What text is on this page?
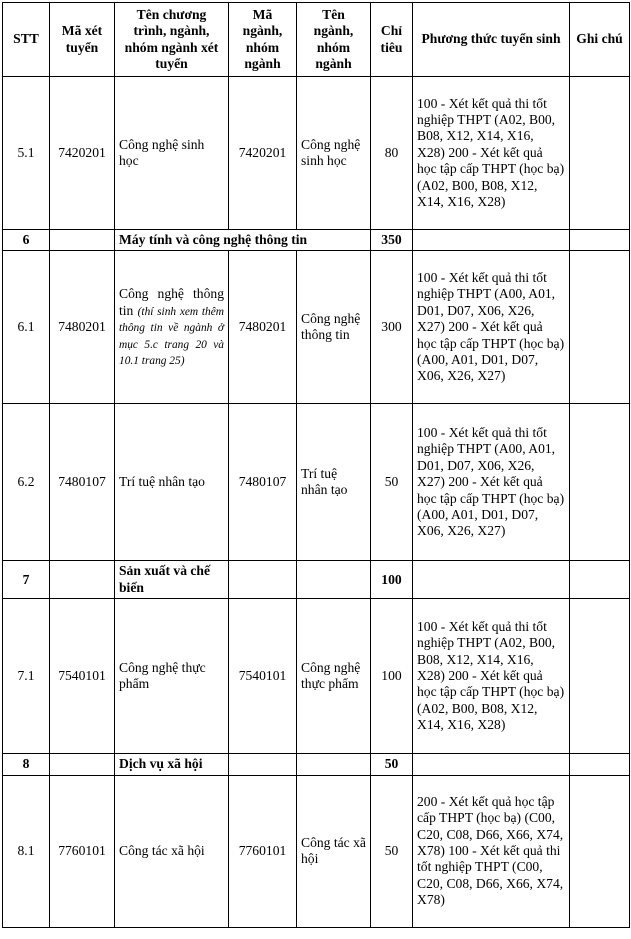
STT	Mã xét tuyển	Tên chương trình, ngành, nhóm ngành xét tuyển	Mã ngành, nhóm ngành	Tên ngành, nhóm ngành	Chỉ tiêu	Phương thức tuyển sinh	Ghi chú
5.1	7420201	Công nghệ sinh học	7420201	Công nghệ sinh học	80	100 - Xét kết quả thi tốt nghiệp THPT (A02, B00, B08, X12, X14, X16, X28) 200 - Xét kết quả học tập cấp THPT (học bạ) (A02, B00, B08, X12, X14, X16, X28)	
6		Máy tính và công nghệ thông tin			350		
6.1	7480201	Công nghệ thông tin (thí sinh xem thêm thông tin về ngành ở mục 5.c trang 20 và 10.1 trang 25)	7480201	Công nghệ thông tin	300	100 - Xét kết quả thi tốt nghiệp THPT (A00, A01, D01, D07, X06, X26, X27) 200 - Xét kết quả học tập cấp THPT (học bạ) (A00, A01, D01, D07, X06, X26, X27)	
6.2	7480107	Trí tuệ nhân tạo	7480107	Trí tuệ nhân tạo	50	100 - Xét kết quả thi tốt nghiệp THPT (A00, A01, D01, D07, X06, X26, X27) 200 - Xét kết quả học tập cấp THPT (học bạ) (A00, A01, D01, D07, X06, X26, X27)	
7		Sản xuất và chế biến			100		
7.1	7540101	Công nghệ thực phẩm	7540101	Công nghệ thực phẩm	100	100 - Xét kết quả thi tốt nghiệp THPT (A02, B00, B08, X12, X14, X16, X28) 200 - Xét kết quả học tập cấp THPT (học bạ) (A02, B00, B08, X12, X14, X16, X28)	
8		Dịch vụ xã hội			50		
8.1	7760101	Công tác xã hội	7760101	Công tác xã hội	50	200 - Xét kết quả học tập cấp THPT (học bạ) (C00, C20, C08, D66, X66, X74, X78) 100 - Xét kết quả thi tốt nghiệp THPT (C00, C20, C08, D66, X66, X74, X78)	
